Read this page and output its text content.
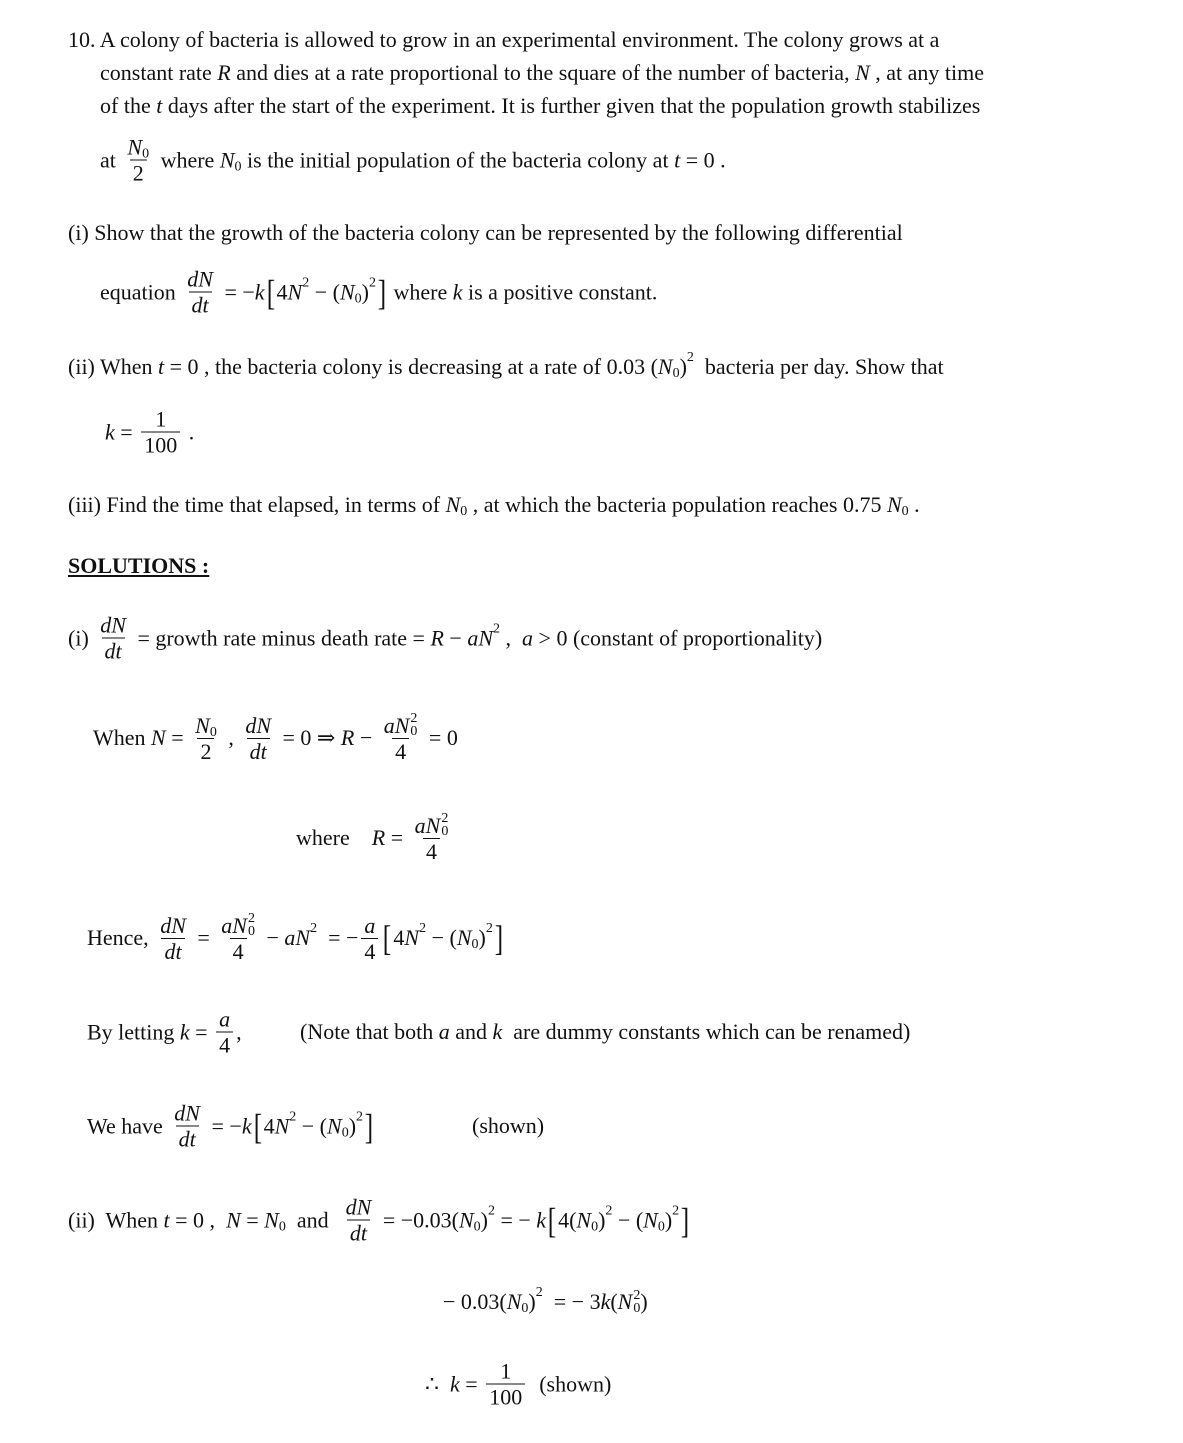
10. A colony of bacteria is allowed to grow in an experimental environment. The colony grows at a
constant rate R and dies at a rate proportional to the square of the number of bacteria, N , at any time
of the t days after the start of the experiment. It is further given that the population growth stabilizes
at $\frac{N 0}{2}$ where N 0 is the initial population of the bacteria colony at t = 0 .
(i) Show that the growth of the bacteria colony can be represented by the following differential
equation $\frac{dN}{dt}$ = − k [ 4 N 2 − ( N 0 ) 2 ] where k is a positive constant.
(ii) When t = 0 , the bacteria colony is decreasing at a rate of 0.03 ( N 0 ) 2 bacteria per day. Show that
$k = \frac{1}{100}$ .
(iii) Find the time that elapsed, in terms of N 0 , at which the bacteria population reaches 0.75 N 0 .
SOLUTIONS :
$(i) \frac{dN}{dt}$ = growth rate minus death rate = R − aN 2 , a > 0 (constant of proportionality)
When $N = \frac{N 0}{2}$ , $\frac{dN}{dt} = 0$ ⇒ R − aN 2
0
4 = 0
where R = aN 2
0
4
Hence, $\frac{dN}{dt}$ = aN 2
0
4 − aN 2 = − $\frac{a}{4}$ [ 4 N 2 − ( N 0 ) 2 ]
By letting $k = \frac{a}{4}$ ,	(Note that both a and k are dummy constants which can be renamed)
We have $\frac{dN}{dt}$ = − k [ 4 N 2 − ( N 0 ) 2 ]	(shown)
(ii)  When t = 0 , N = N 0 and $\frac{dN}{dt} = -0.03$( N 0 ) 2 = − k [ 4( N 0 ) 2 − ( N 0 ) 2 ]
− 0.03( N 0 ) 2 = − 3 k ( N 2
0 )
∴ $k = \frac{1}{100}$ (shown)
